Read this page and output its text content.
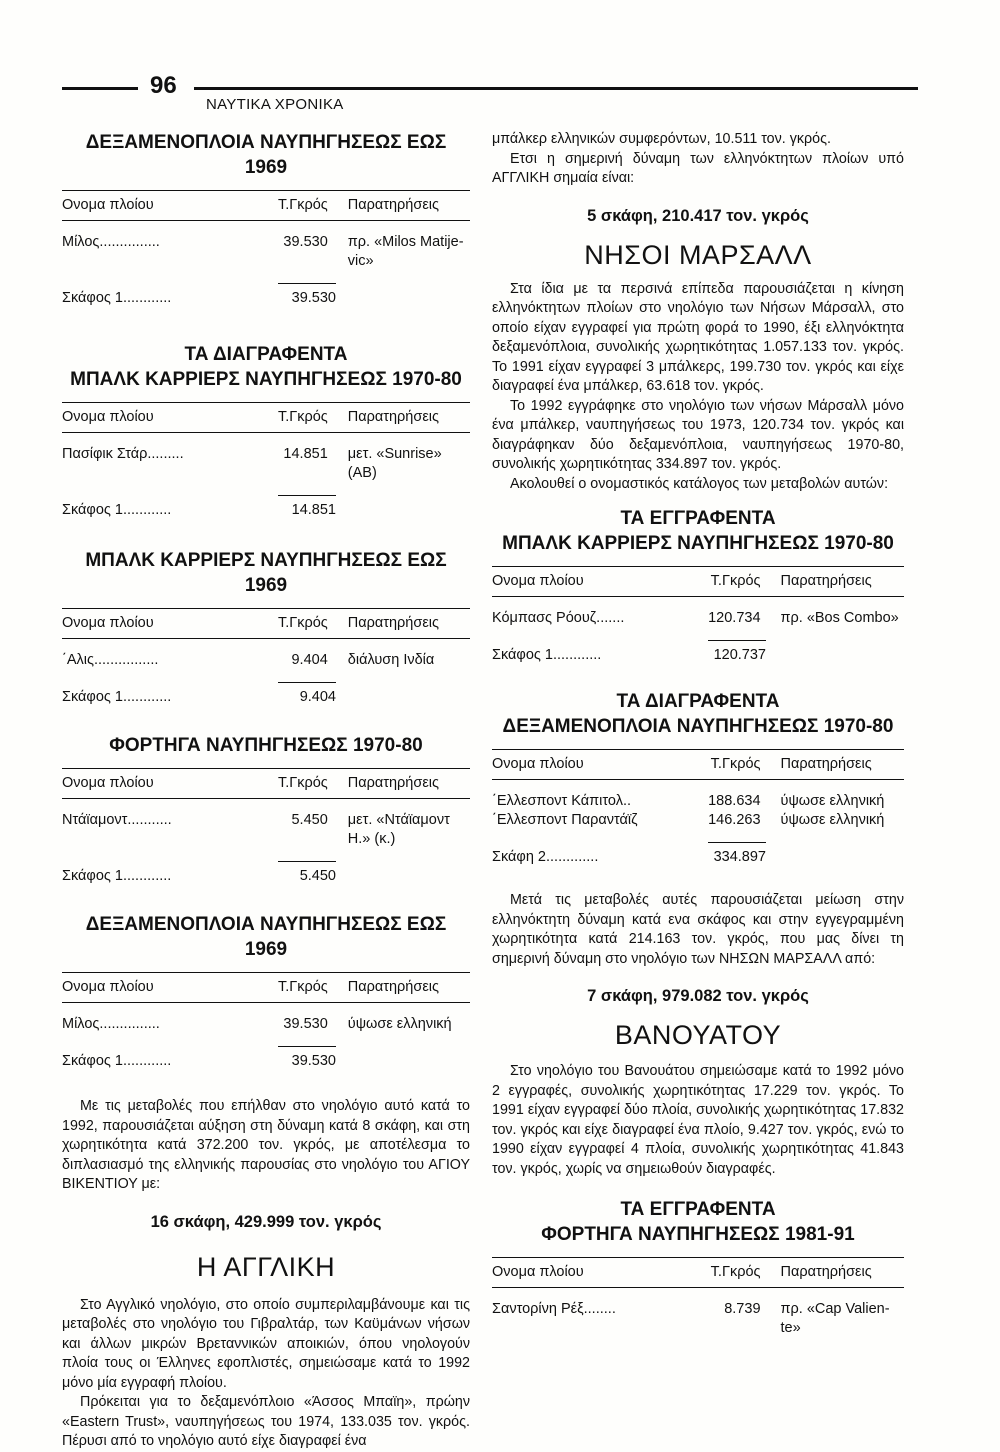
96
ΝΑΥΤΙΚΑ ΧΡΟΝΙΚΑ
ΔΕΞΑΜΕΝΟΠΛΟΙΑ ΝΑΥΠΗΓΗΣΕΩΣ ΕΩΣ 1969
Ονομα πλοίου	Τ.Γκρός	Παρατηρήσεις
Μίλος...............	39.530	πρ. «Milos Matije-vic»
Σκάφος 1............	39.530
ΤΑ ΔΙΑΓΡΑΦΕΝΤΑ
ΜΠΑΛΚ ΚΑΡΡΙΕΡΣ ΝΑΥΠΗΓΗΣΕΩΣ 1970-80
Ονομα πλοίου	Τ.Γκρός	Παρατηρήσεις
Πασίφικ Στάρ.........	14.851	μετ. «Sunrise» (AB)
Σκάφος 1............	14.851
ΜΠΑΛΚ ΚΑΡΡΙΕΡΣ ΝΑΥΠΗΓΗΣΕΩΣ ΕΩΣ 1969
Ονομα πλοίου	Τ.Γκρός	Παρατηρήσεις
΄Αλις................	9.404	διάλυση Ινδία
Σκάφος 1............	9.404
ΦΟΡΤΗΓΑ ΝΑΥΠΗΓΗΣΕΩΣ 1970-80
Ονομα πλοίου	Τ.Γκρός	Παρατηρήσεις
Ντάϊαμοντ...........	5.450	μετ. «Ντάϊαμοντ Η.» (κ.)
Σκάφος 1............	5.450
ΔΕΞΑΜΕΝΟΠΛΟΙΑ ΝΑΥΠΗΓΗΣΕΩΣ ΕΩΣ 1969
Ονομα πλοίου	Τ.Γκρός	Παρατηρήσεις
Μίλος...............	39.530	ύψωσε ελληνική
Σκάφος 1............	39.530

Με τις μεταβολές που επήλθαν στο νηολόγιο αυτό κατά το 1992, παρουσιάζεται αύξηση στη δύναμη κατά 8 σκάφη, και στη χωρητικότητα κατά 372.200 τον. γκρός, με αποτέλεσμα το διπλασιασμό της ελληνικής παρουσίας στο νηολόγιο του ΑΓΙΟΥ ΒΙΚΕΝΤΙΟΥ με:

16 σκάφη, 429.999 τον. γκρός
Η ΑΓΓΛΙΚΗ

Στο Αγγλικό νηολόγιο, στο οποίο συμπεριλαμβάνουμε και τις μεταβολές στο νηολόγιο του Γιβραλτάρ, των Καϋμάνων νήσων και άλλων μικρών Βρεταννικών αποικιών, όπου νηολογούν πλοία τους οι Έλληνες εφοπλιστές, σημειώσαμε κατά το 1992 μόνο μία εγγραφή πλοίου.

Πρόκειται για το δεξαμενόπλοιο «Άσσος Μπαϊη», πρώην «Eastern Trust», ναυπηγήσεως του 1974, 133.035 τον. γκρός. Πέρυσι από το νηολόγιο αυτό είχε διαγραφεί ένα

μπάλκερ ελληνικών συμφερόντων, 10.511 τον. γκρός.

Ετσι η σημερινή δύναμη των ελληνόκτητων πλοίων υπό ΑΓΓΛΙΚΗ σημαία είναι:

5 σκάφη, 210.417 τον. γκρός
ΝΗΣΟΙ ΜΑΡΣΑΛΛ

Στα ίδια με τα περσινά επίπεδα παρουσιάζεται η κίνηση ελληνόκτητων πλοίων στο νηολόγιο των Νήσων Μάρσαλλ, στο οποίο είχαν εγγραφεί για πρώτη φορά το 1990, έξι ελληνόκτητα δεξαμενόπλοια, συνολικής χωρητικότητας 1.057.133 τον. γκρός. Το 1991 είχαν εγγραφεί 3 μπάλκερς, 199.730 τον. γκρός και είχε διαγραφεί ένα μπάλκερ, 63.618 τον. γκρός.

Το 1992 εγγράφηκε στο νηολόγιο των νήσων Μάρσαλλ μόνο ένα μπάλκερ, ναυπηγήσεως του 1973, 120.734 τον. γκρός και διαγράφηκαν δύο δεξαμενόπλοια, ναυπηγήσεως 1970-80, συνολικής χωρητικότητας 334.897 τον. γκρός.

Ακολουθεί ο ονομαστικός κατάλογος των μεταβολών αυτών:

ΤΑ ΕΓΓΡΑΦΕΝΤΑ
ΜΠΑΛΚ ΚΑΡΡΙΕΡΣ ΝΑΥΠΗΓΗΣΕΩΣ 1970-80
Ονομα πλοίου	Τ.Γκρός	Παρατηρήσεις
Κόμπασς Ρόουζ.......	120.734	πρ. «Bos Combo»
Σκάφος 1............	120.737
ΤΑ ΔΙΑΓΡΑΦΕΝΤΑ
ΔΕΞΑΜΕΝΟΠΛΟΙΑ ΝΑΥΠΗΓΗΣΕΩΣ 1970-80
Ονομα πλοίου	Τ.Γκρός	Παρατηρήσεις
΄Ελλεσποντ Κάπιτολ..	188.634	ύψωσε ελληνική
΄Ελλεσποντ Παραντάϊζ	146.263	ύψωσε ελληνική
Σκάφη 2.............	334.897

Μετά τις μεταβολές αυτές παρουσιάζεται μείωση στην ελληνόκτητη δύναμη κατά ενα σκάφος και στην εγγεγραμμένη χωρητικότητα κατά 214.163 τον. γκρός, που μας δίνει τη σημερινή δύναμη στο νηολόγιο των ΝΗΣΩΝ ΜΑΡΣΑΛΛ από:

7 σκάφη, 979.082 τον. γκρός
ΒΑΝΟΥΑΤΟΥ

Στο νηολόγιο του Βανουάτου σημειώσαμε κατά το 1992 μόνο 2 εγγραφές, συνολικής χωρητικότητας 17.229 τον. γκρός. Το 1991 είχαν εγγραφεί δύο πλοία, συνολικής χωρητικότητας 17.832 τον. γκρός και είχε διαγραφεί ένα πλοίο, 9.427 τον. γκρός, ενώ το 1990 είχαν εγγραφεί 4 πλοία, συνολικής χωρητικότητας 41.843 τον. γκρός, χωρίς να σημειωθούν διαγραφές.

ΤΑ ΕΓΓΡΑΦΕΝΤΑ
ΦΟΡΤΗΓΑ ΝΑΥΠΗΓΗΣΕΩΣ 1981-91
Ονομα πλοίου	Τ.Γκρός	Παρατηρήσεις
Σαντορίνη Ρέξ........	8.739	πρ. «Cap Valien-te»
